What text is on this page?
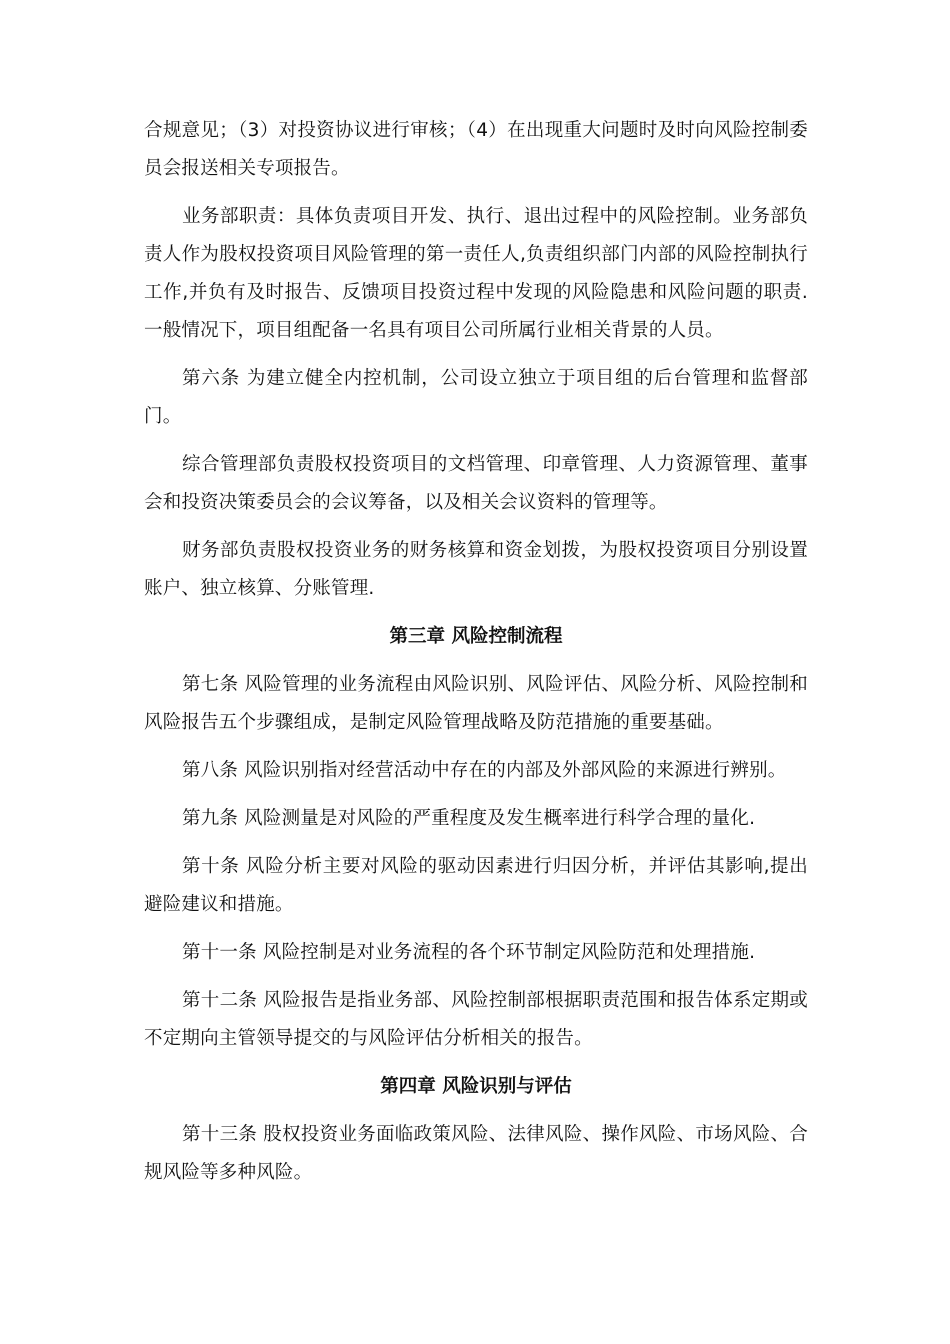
合规意见；（3）对投资协议进行审核；（4）在出现重大问题时及时向风险控制委员会报送相关专项报告。

业务部职责：具体负责项目开发、执行、退出过程中的风险控制。业务部负责人作为股权投资项目风险管理的第一责任人,负责组织部门内部的风险控制执行工作,并负有及时报告、反馈项目投资过程中发现的风险隐患和风险问题的职责.一般情况下，项目组配备一名具有项目公司所属行业相关背景的人员。

第六条 为建立健全内控机制，公司设立独立于项目组的后台管理和监督部门。

综合管理部负责股权投资项目的文档管理、印章管理、人力资源管理、董事会和投资决策委员会的会议筹备，以及相关会议资料的管理等。

财务部负责股权投资业务的财务核算和资金划拨，为股权投资项目分别设置账户、独立核算、分账管理.

第三章 风险控制流程

第七条 风险管理的业务流程由风险识别、风险评估、风险分析、风险控制和风险报告五个步骤组成，是制定风险管理战略及防范措施的重要基础。

第八条 风险识别指对经营活动中存在的内部及外部风险的来源进行辨别。

第九条 风险测量是对风险的严重程度及发生概率进行科学合理的量化.

第十条 风险分析主要对风险的驱动因素进行归因分析，并评估其影响,提出避险建议和措施。

第十一条 风险控制是对业务流程的各个环节制定风险防范和处理措施.

第十二条 风险报告是指业务部、风险控制部根据职责范围和报告体系定期或不定期向主管领导提交的与风险评估分析相关的报告。

第四章 风险识别与评估

第十三条 股权投资业务面临政策风险、法律风险、操作风险、市场风险、合规风险等多种风险。
